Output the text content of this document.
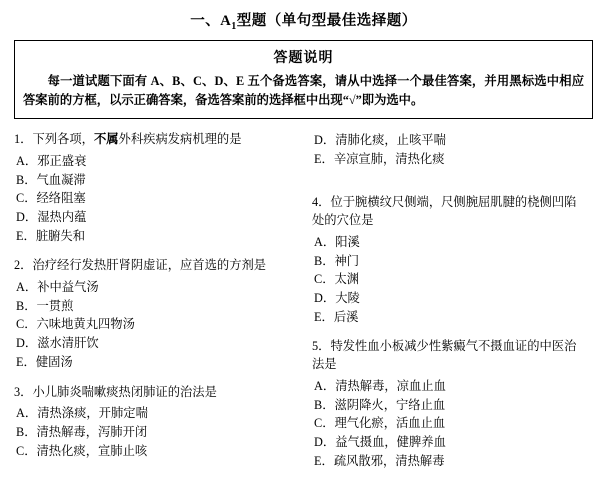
一、$A_1$型题（单句型最佳选择题）
答题说明
每一道试题下面有 A、B、C、D、E 五个备选答案，请从中选择一个最佳答案，并用黑标选中相应答案前的方框，以示正确答案，备选答案前的选择框中出现“√”即为选中。
1．下列各项，不属外科疾病发病机理的是
A．邪正盛衰
B．气血凝滞
C．经络阻塞
D．湿热内蕴
E．脏腑失和
2．治疗经行发热肝肾阴虚证，应首选的方剂是
A．补中益气汤
B．一贯煎
C．六味地黄丸四物汤
D．滋水清肝饮
E．健固汤
3．小儿肺炎喘嗽痰热闭肺证的治法是
A．清热涤痰，开肺定喘
B．清热解毒，泻肺开闭
C．清热化痰，宣肺止咳
D．清肺化痰，止咳平喘
E．辛凉宣肺，清热化痰
4．位于腕横纹尺侧端，尺侧腕屈肌腱的桡侧凹陷处的穴位是
A．阳溪
B．神门
C．太渊
D．大陵
E．后溪
5．特发性血小板减少性紫癜气不摄血证的中医治法是
A．清热解毒，凉血止血
B．滋阴降火，宁络止血
C．理气化瘀，活血止血
D．益气摄血，健脾养血
E．疏风散邪，清热解毒
